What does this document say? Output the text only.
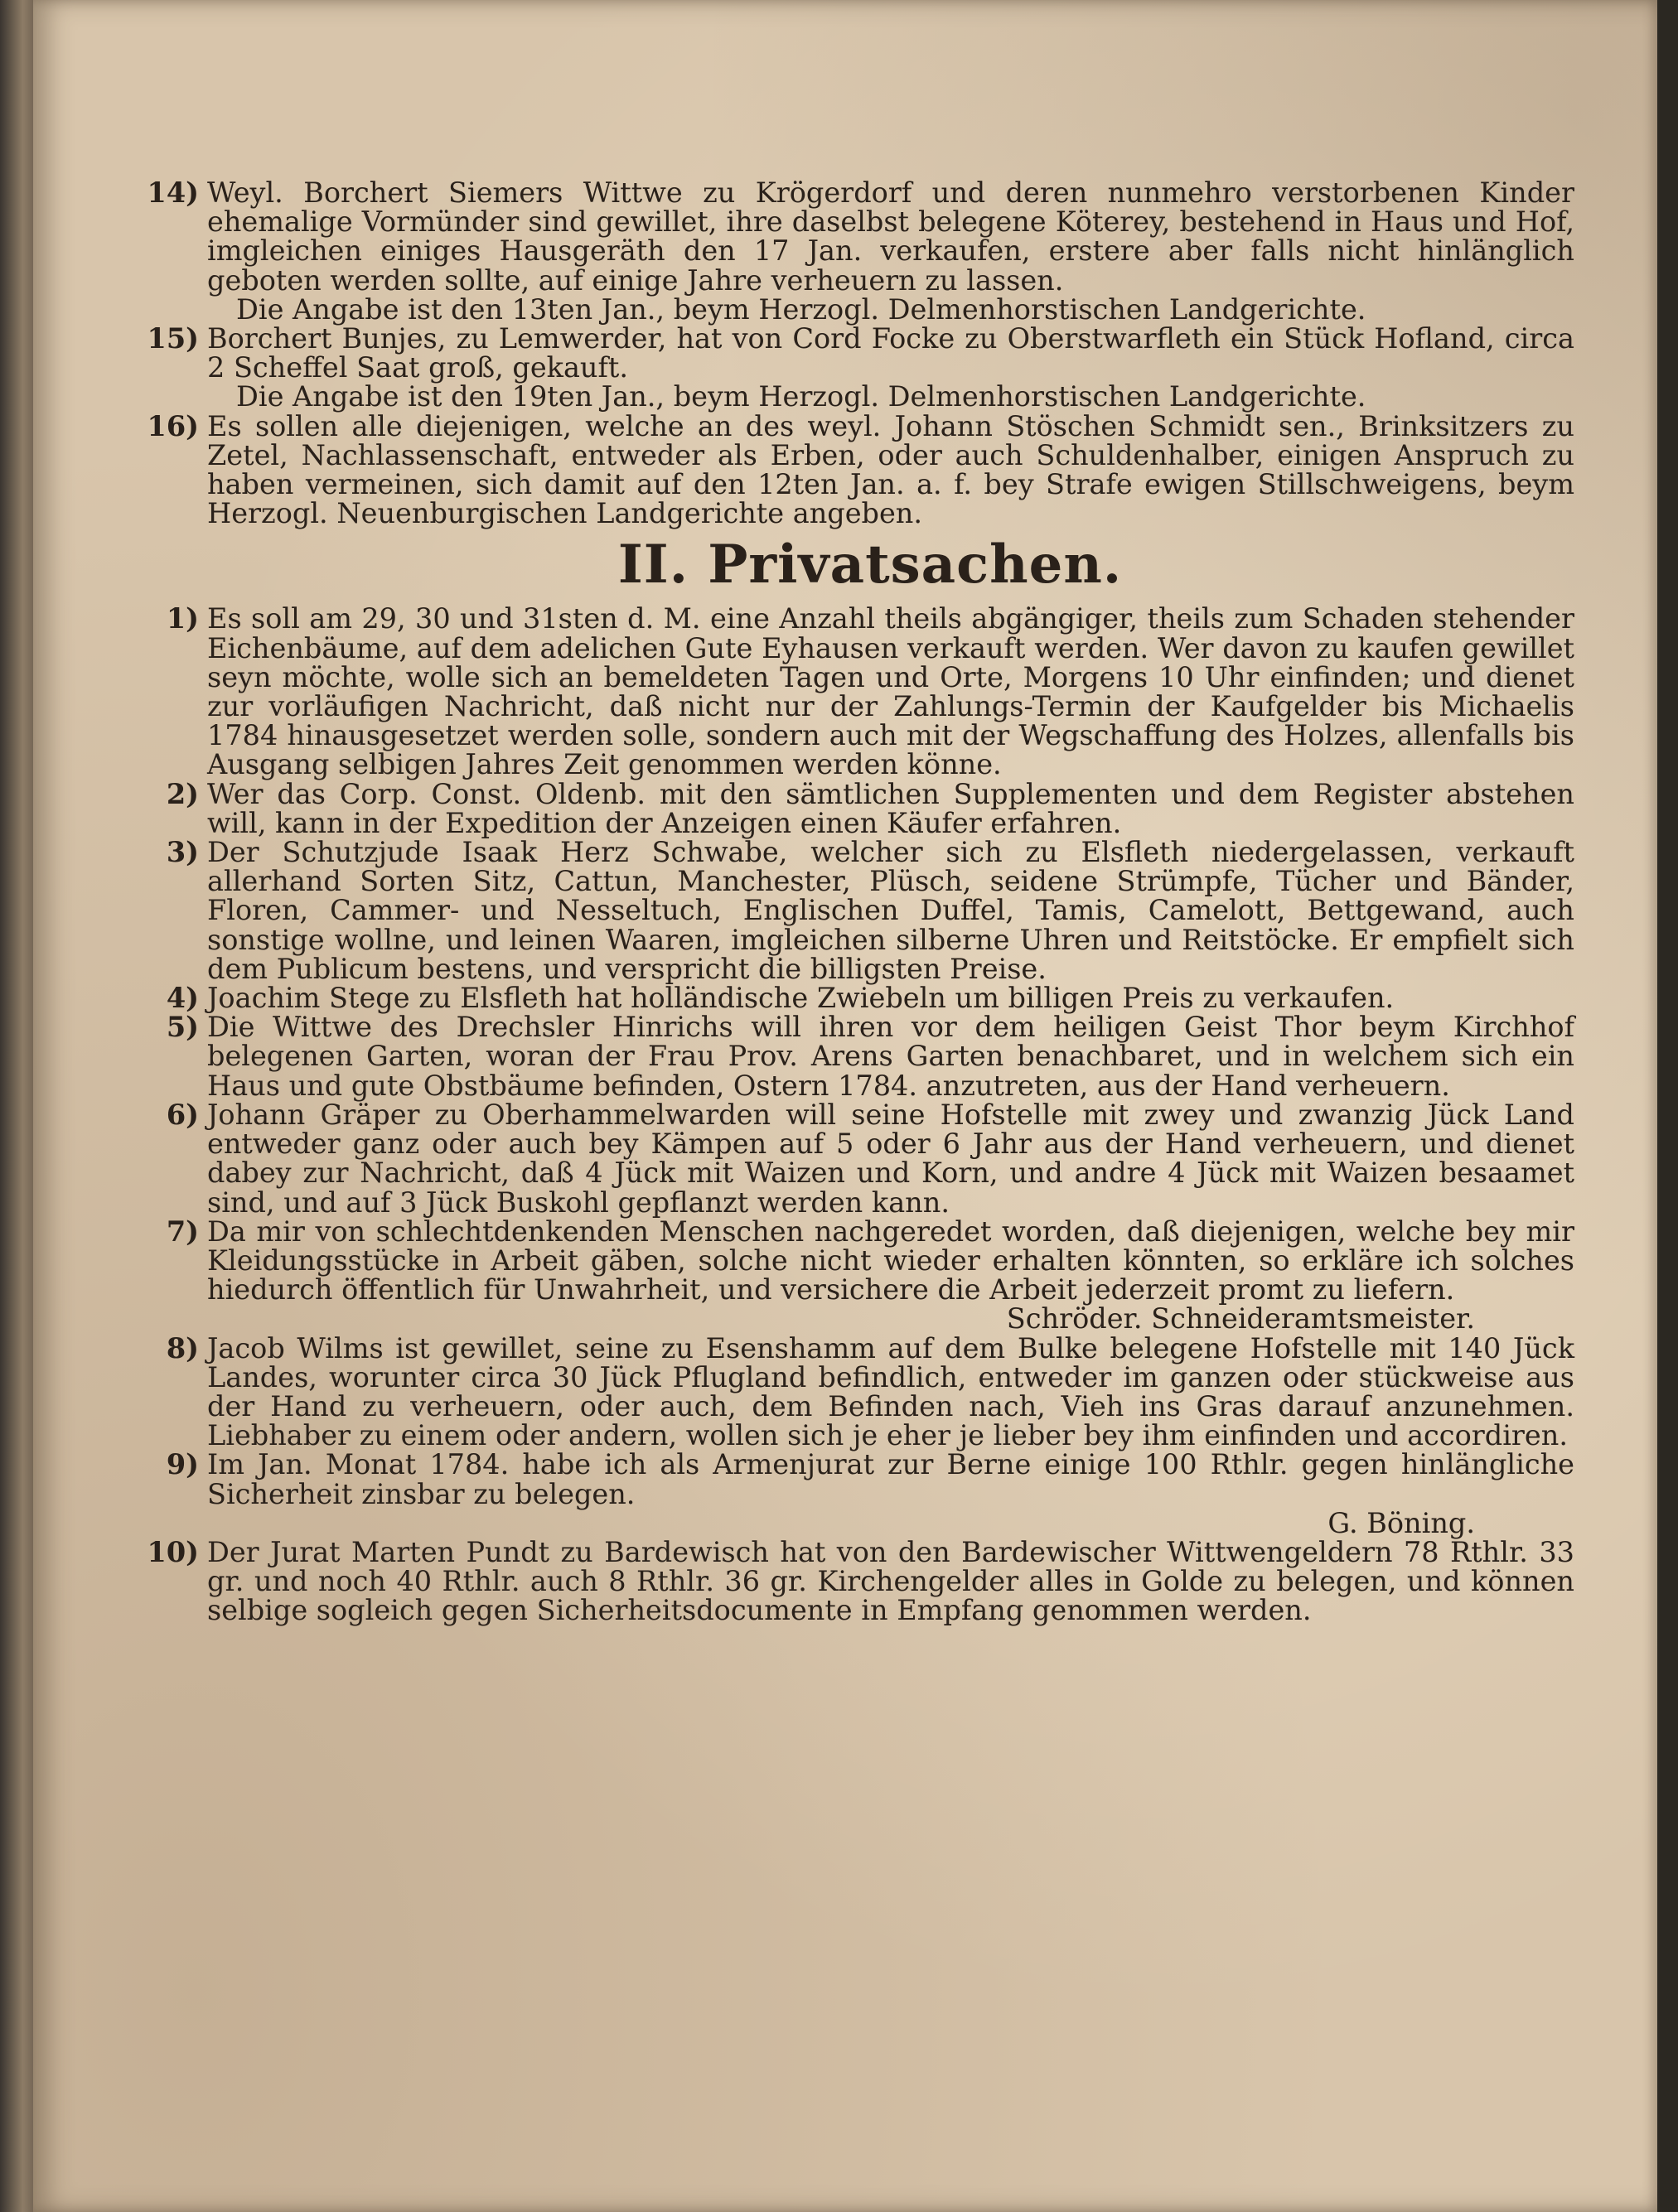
14) Weyl. Borchert Siemers Wittwe zu Krögerdorf und deren nunmehro verstorbenen Kinder ehemalige Vormünder sind gewillet, ihre daselbst belegene Köterey, bestehend in Haus und Hof, imgleichen einiges Hausgeräth den 17 Jan. verkaufen, erstere aber falls nicht hinlänglich geboten werden sollte, auf einige Jahre verheuern zu lassen.
Die Angabe ist den 13ten Jan., beym Herzogl. Delmenhorstischen Landgerichte.
15) Borchert Bunjes, zu Lemwerder, hat von Cord Focke zu Oberstwarfleth ein Stück Hofland, circa 2 Scheffel Saat groß, gekauft.
Die Angabe ist den 19ten Jan., beym Herzogl. Delmenhorstischen Landgerichte.
16) Es sollen alle diejenigen, welche an des weyl. Johann Stöschen Schmidt sen., Brinksitzers zu Zetel, Nachlassenschaft, entweder als Erben, oder auch Schuldenhalber, einigen Anspruch zu haben vermeinen, sich damit auf den 12ten Jan. a. f. bey Strafe ewigen Stillschweigens, beym Herzogl. Neuenburgischen Landgerichte angeben.
II. Privatsachen.
1) Es soll am 29, 30 und 31sten d. M. eine Anzahl theils abgängiger, theils zum Schaden stehender Eichenbäume, auf dem adelichen Gute Eyhausen verkauft werden. Wer davon zu kaufen gewillet seyn möchte, wolle sich an bemeldeten Tagen und Orte, Morgens 10 Uhr einfinden; und dienet zur vorläufigen Nachricht, daß nicht nur der Zahlungs-Termin der Kaufgelder bis Michaelis 1784 hinausgesetzet werden solle, sondern auch mit der Wegschaffung des Holzes, allenfalls bis Ausgang selbigen Jahres Zeit genommen werden könne.
2) Wer das Corp. Const. Oldenb. mit den sämtlichen Supplementen und dem Register abstehen will, kann in der Expedition der Anzeigen einen Käufer erfahren.
3) Der Schutzjude Isaak Herz Schwabe, welcher sich zu Elsfleth niedergelassen, verkauft allerhand Sorten Sitz, Cattun, Manchester, Plüsch, seidene Strümpfe, Tücher und Bänder, Floren, Cammer- und Nesseltuch, Englischen Duffel, Tamis, Camelott, Bettgewand, auch sonstige wollne, und leinen Waaren, imgleichen silberne Uhren und Reitstöcke. Er empfielt sich dem Publicum bestens, und verspricht die billigsten Preise.
4) Joachim Stege zu Elsfleth hat holländische Zwiebeln um billigen Preis zu verkaufen.
5) Die Wittwe des Drechsler Hinrichs will ihren vor dem heiligen Geist Thor beym Kirchhof belegenen Garten, woran der Frau Prov. Arens Garten benachbaret, und in welchem sich ein Haus und gute Obstbäume befinden, Ostern 1784. anzutreten, aus der Hand verheuern.
6) Johann Gräper zu Oberhammelwarden will seine Hofstelle mit zwey und zwanzig Jück Land entweder ganz oder auch bey Kämpen auf 5 oder 6 Jahr aus der Hand verheuern, und dienet dabey zur Nachricht, daß 4 Jück mit Waizen und Korn, und andre 4 Jück mit Waizen besaamet sind, und auf 3 Jück Buskohl gepflanzt werden kann.
7) Da mir von schlechtdenkenden Menschen nachgeredet worden, daß diejenigen, welche bey mir Kleidungsstücke in Arbeit gäben, solche nicht wieder erhalten könnten, so erkläre ich solches hiedurch öffentlich für Unwahrheit, und versichere die Arbeit jederzeit promt zu liefern.
Schröder. Schneideramtsmeister.
8) Jacob Wilms ist gewillet, seine zu Esenshamm auf dem Bulke belegene Hofstelle mit 140 Jück Landes, worunter circa 30 Jück Pflugland befindlich, entweder im ganzen oder stückweise aus der Hand zu verheuern, oder auch, dem Befinden nach, Vieh ins Gras darauf anzunehmen. Liebhaber zu einem oder andern, wollen sich je eher je lieber bey ihm einfinden und accordiren.
9) Im Jan. Monat 1784. habe ich als Armenjurat zur Berne einige 100 Rthlr. gegen hinlängliche Sicherheit zinsbar zu belegen.
G. Böning.
10) Der Jurat Marten Pundt zu Bardewisch hat von den Bardewischer Wittwengeldern 78 Rthlr. 33 gr. und noch 40 Rthlr. auch 8 Rthlr. 36 gr. Kirchengelder alles in Golde zu belegen, und können selbige sogleich gegen Sicherheitsdocumente in Empfang genommen werden.
